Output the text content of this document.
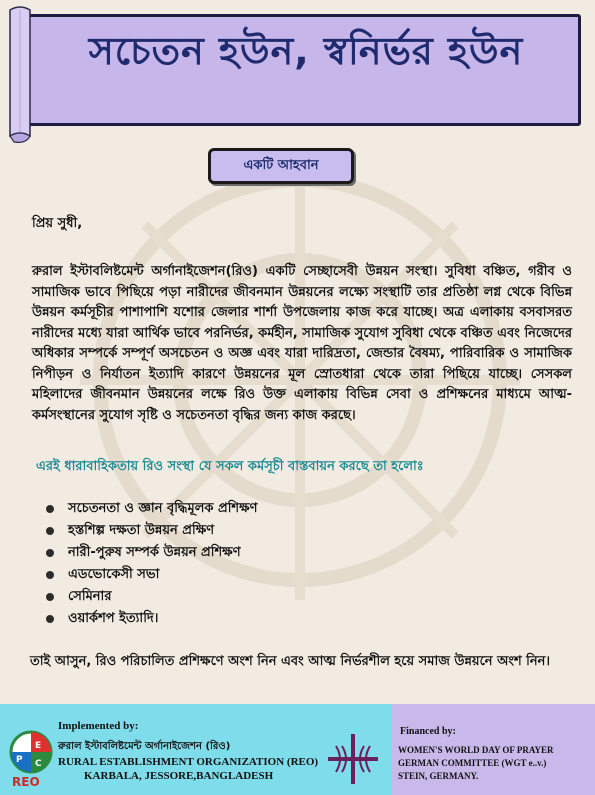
সচেতন হউন, স্বনির্ভর হউন
একটি আহবান
প্রিয় সুধী,
রুরাল ইস্টাবলিষ্টমেন্ট অর্গানাইজেশন(রিও) একটি সেচ্ছাসেবী উন্নয়ন সংস্থা। সুবিধা বঞ্চিত, গরীব ও সামাজিক ভাবে পিছিয়ে পড়া নারীদের জীবনমান উন্নয়নের লক্ষ্যে সংস্থাটি তার প্রতিষ্ঠা লগ্ন থেকে বিভিন্ন উন্নয়ন কর্মসূচীর পাশাপাশি যশোর জেলার শার্শা উপজেলায় কাজ করে যাচ্ছে। অত্র এলাকায় বসবাসরত নারীদের মধ্যে যারা আর্থিক ভাবে পরনির্ভর, কর্মহীন, সামাজিক সুযোগ সুবিধা থেকে বঞ্চিত এবং নিজেদের অধিকার সম্পর্কে সম্পূর্ণ অসচেতন ও অজ্ঞ এবং যারা দারিদ্রতা, জেন্ডার বৈষম্য, পারিবারিক ও সামাজিক নিপীড়ন ও নির্যাতন ইত্যাদি কারণে উন্নয়নের মূল স্রোতধারা থেকে তারা পিছিয়ে যাচ্ছে। সেসকল মহিলাদের জীবনমান উন্নয়নের লক্ষে রিও উক্ত এলাকায় বিভিন্ন সেবা ও প্রশিক্ষনের মাধ্যমে আত্ম-কর্মসংস্থানের সুযোগ সৃষ্টি ও সচেতনতা বৃদ্ধির জন্য কাজ করছে।
এরই ধারাবাহিকতায় রিও সংস্থা যে সকল কর্মসূচী বাস্তবায়ন করছে তা হলোঃ
সচেতনতা ও জ্ঞান বৃদ্ধিমূলক প্রশিক্ষণ
হস্তশিল্প দক্ষতা উন্নয়ন প্রক্ষিণ
নারী-পুরুষ সম্পর্ক উন্নয়ন প্রশিক্ষণ
এডভোকেসী সভা
সেমিনার
ওয়ার্কশপ ইত্যাদি।
তাই আসুন, রিও পরিচালিত প্রশিক্ষণে অংশ নিন এবং আত্ম নির্ভরশীল হয়ে সমাজ উন্নয়নে অংশ নিন।
E
P C
REO
Implemented by:
রুরাল ইস্টাবলিষ্টমেন্ট অর্গানাইজেশন (রিও)
RURAL ESTABLISHMENT ORGANIZATION (REO)
KARBALA, JESSORE,BANGLADESH
Financed by:
WOMEN'S WORLD DAY OF PRAYER
GERMAN COMMITTEE (WGT e..v.)
STEIN, GERMANY.
